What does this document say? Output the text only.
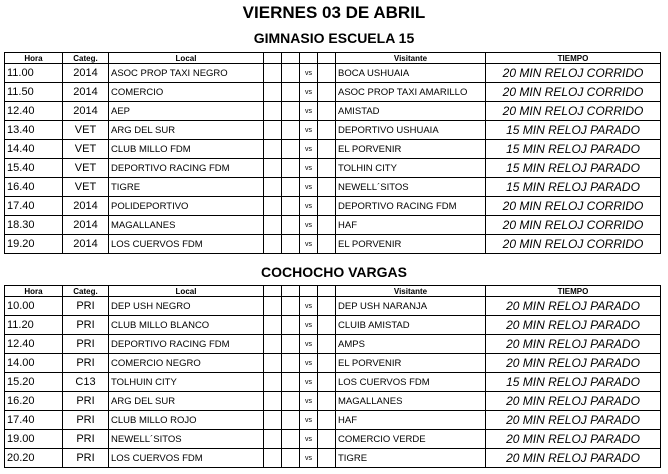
VIERNES 03 DE ABRIL
GIMNASIO ESCUELA 15
Hora	Categ.	Local					Visitante	TIEMPO
11.00	2014	ASOC PROP TAXI NEGRO			vs		BOCA USHUAIA	20 MIN RELOJ CORRIDO
11.50	2014	COMERCIO			vs		ASOC PROP TAXI AMARILLO	20 MIN RELOJ CORRIDO
12.40	2014	AEP			vs		AMISTAD	20 MIN RELOJ CORRIDO
13.40	VET	ARG DEL SUR			vs		DEPORTIVO USHUAIA	15 MIN RELOJ PARADO
14.40	VET	CLUB MILLO FDM			vs		EL PORVENIR	15 MIN RELOJ PARADO
15.40	VET	DEPORTIVO RACING FDM			vs		TOLHIN CITY	15 MIN RELOJ PARADO
16.40	VET	TIGRE			vs		NEWELL´SITOS	15 MIN RELOJ PARADO
17.40	2014	POLIDEPORTIVO			vs		DEPORTIVO RACING FDM	20 MIN RELOJ CORRIDO
18.30	2014	MAGALLANES			vs		HAF	20 MIN RELOJ CORRIDO
19.20	2014	LOS CUERVOS FDM			vs		EL PORVENIR	20 MIN RELOJ CORRIDO
COCHOCHO VARGAS
Hora	Categ.	Local					Visitante	TIEMPO
10.00	PRI	DEP USH NEGRO			vs		DEP USH NARANJA	20 MIN RELOJ PARADO
11.20	PRI	CLUB MILLO BLANCO			vs		CLUIB AMISTAD	20 MIN RELOJ PARADO
12.40	PRI	DEPORTIVO RACING FDM			vs		AMPS	20 MIN RELOJ PARADO
14.00	PRI	COMERCIO NEGRO			vs		EL PORVENIR	20 MIN RELOJ PARADO
15.20	C13	TOLHUIN CITY			vs		LOS CUERVOS FDM	15 MIN RELOJ PARADO
16.20	PRI	ARG DEL SUR			vs		MAGALLANES	20 MIN RELOJ PARADO
17.40	PRI	CLUB MILLO ROJO			vs		HAF	20 MIN RELOJ PARADO
19.00	PRI	NEWELL´SITOS			vs		COMERCIO VERDE	20 MIN RELOJ PARADO
20.20	PRI	LOS CUERVOS FDM			vs		TIGRE	20 MIN RELOJ PARADO
